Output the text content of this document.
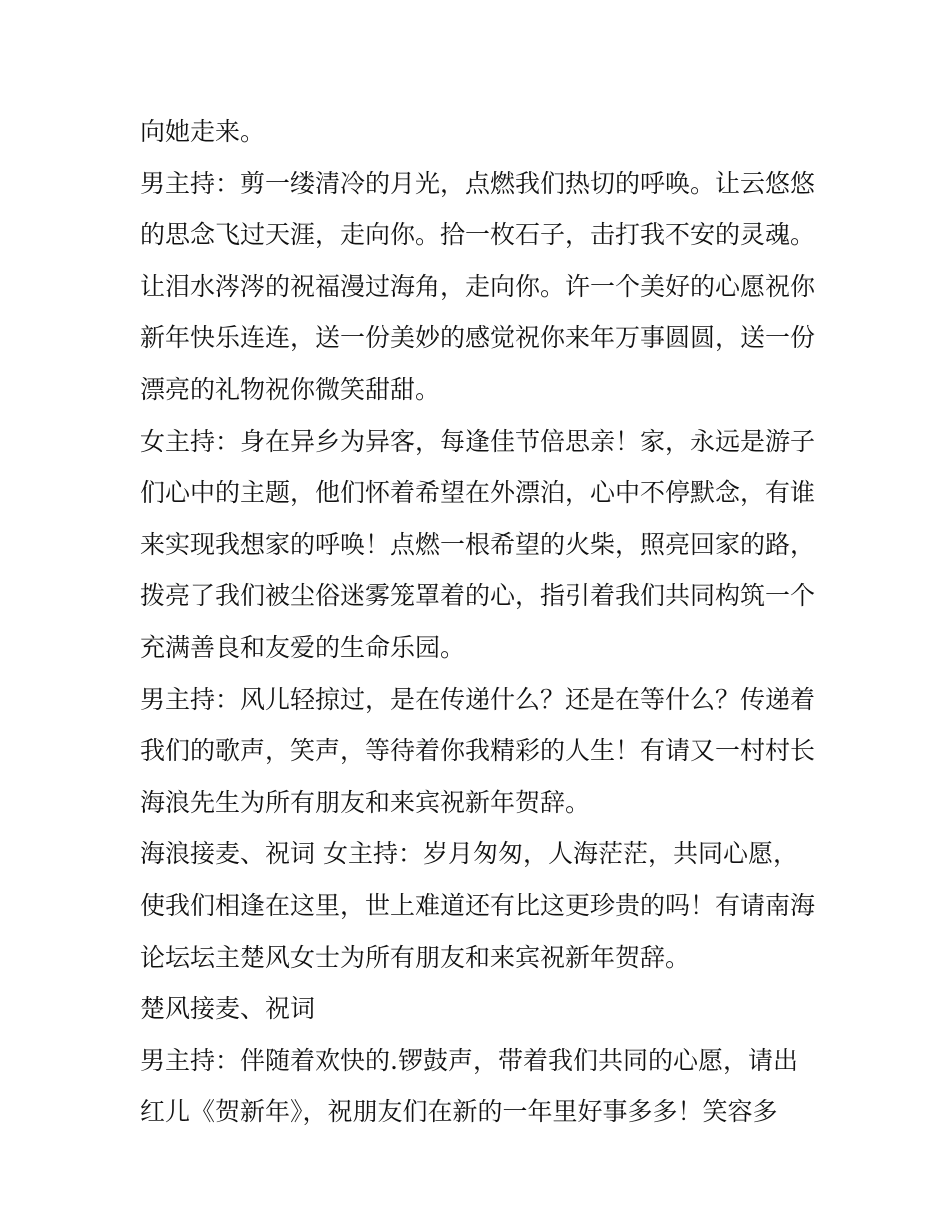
向她走来。
男主持：剪一缕清冷的月光，点燃我们热切的呼唤。让云悠悠
的思念飞过天涯，走向你。拾一枚石子，击打我不安的灵魂。
让泪水涔涔的祝福漫过海角，走向你。许一个美好的心愿祝你
新年快乐连连，送一份美妙的感觉祝你来年万事圆圆，送一份
漂亮的礼物祝你微笑甜甜。
女主持：身在异乡为异客，每逢佳节倍思亲！家，永远是游子
们心中的主题，他们怀着希望在外漂泊，心中不停默念，有谁
来实现我想家的呼唤！点燃一根希望的火柴，照亮回家的路，
拨亮了我们被尘俗迷雾笼罩着的心，指引着我们共同构筑一个
充满善良和友爱的生命乐园。
男主持：风儿轻掠过，是在传递什么？还是在等什么？传递着
我们的歌声，笑声，等待着你我精彩的人生！有请又一村村长
海浪先生为所有朋友和来宾祝新年贺辞。
海浪接麦、祝词 女主持：岁月匆匆，人海茫茫，共同心愿，
使我们相逢在这里，世上难道还有比这更珍贵的吗！有请南海
论坛坛主楚风女士为所有朋友和来宾祝新年贺辞。
楚风接麦、祝词
男主持：伴随着欢快的.锣鼓声，带着我们共同的心愿，请出
红儿《贺新年》，祝朋友们在新的一年里好事多多！笑容多
